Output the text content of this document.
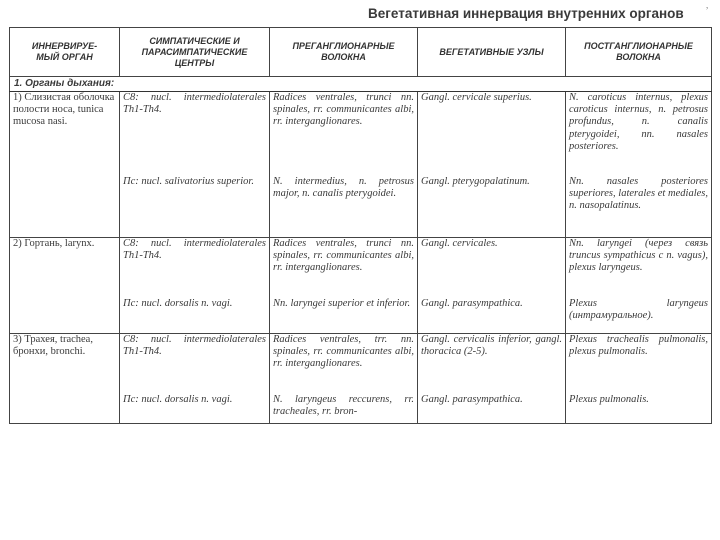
,
Вегетативная иннервация внутренних органов
ИННЕРВИРУЕ-
МЫЙ ОРГАН	СИМПАТИЧЕСКИЕ И
ПАРАСИМПАТИЧЕСКИЕ
ЦЕНТРЫ	ПРЕГАНГЛИОНАРНЫЕ
ВОЛОКНА	ВЕГЕТАТИВНЫЕ УЗЛЫ	ПОСТГАНГЛИОНАРНЫЕ
ВОЛОКНА
1. Органы дыхания:				
1) Слизистая оболочка полости носа, tunica mucosa nasi.	C8: nucl. intermediolaterales Th1-Th4.	Radices ventrales, trunci nn. spinales, rr. communicantes albi, rr. interganglionares.	Gangl. cervicale superius.	N. caroticus internus, plexus caroticus internus, n. petrosus profundus, n. canalis pterygoidei, nn. nasales posteriores.
	Пс: nucl. salivatorius superior.	N. intermedius, n. petrosus major, n. canalis pterygoidei.	Gangl. pterygopalatinum.	Nn. nasales posteriores superiores, laterales et mediales, n. nasopalatinus.
2) Гортань, larynx.	C8: nucl. intermediolaterales Th1-Th4.	Radices ventrales, trunci nn. spinales, rr. communicantes albi, rr. interganglionares.	Gangl. cervicales.	Nn. laryngei (через связь truncus sympathicus с n. vagus), plexus laryngeus.
	Пс: nucl. dorsalis n. vagi.	Nn. laryngei superior et inferior.	Gangl. parasympathica.	Plexus laryngeus (интрамуральное).
3) Трахея, trachea, бронхи, bronchi.	C8: nucl. intermediolaterales Th1-Th4.	Radices ventrales, trr. nn. spinales, rr. communicantes albi, rr. interganglionares.	Gangl. cervicalis inferior, gangl. thoracica (2-5).	Plexus trachealis pulmonalis, plexus pulmonalis.
	Пс: nucl. dorsalis n. vagi.	N. laryngeus reccurens, rr. tracheales, rr. bron-	Gangl. parasympathica.	Plexus pulmonalis.
